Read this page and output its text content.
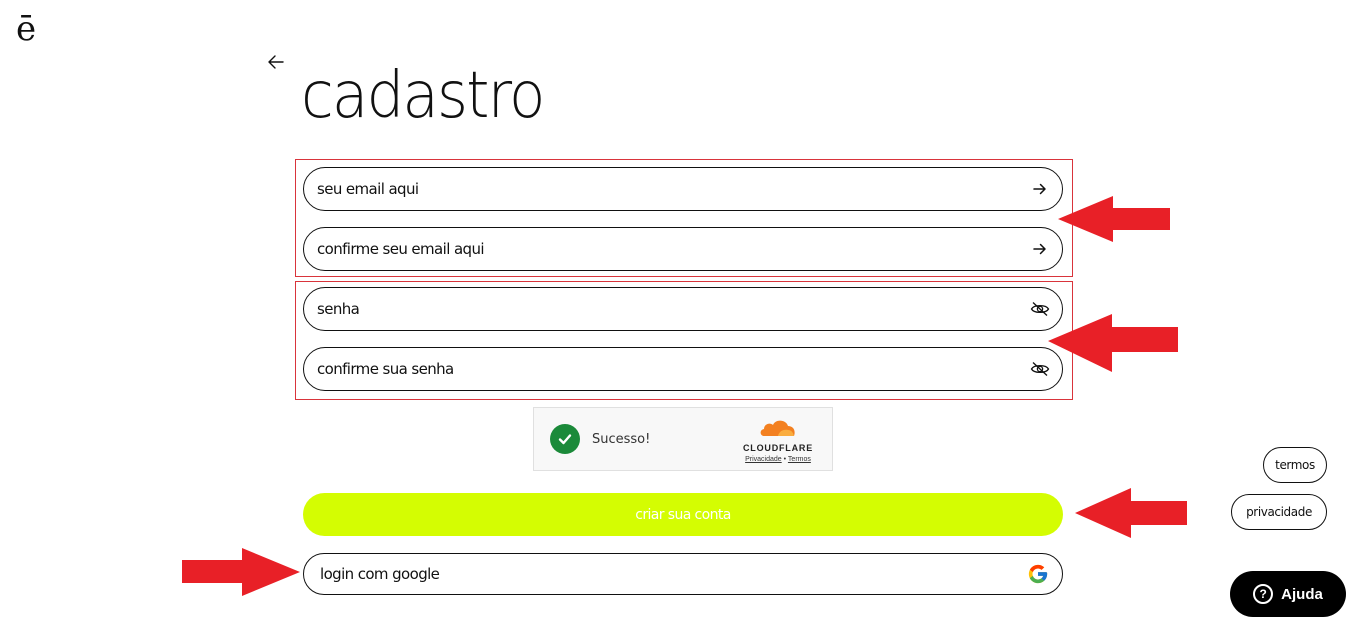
ē
cadastro
seu email aqui
confirme seu email aqui
senha
confirme sua senha
Sucesso!
CLOUDFLARE
Privacidade • Termos
criar sua conta
login com google
termos
privacidade
? Ajuda
